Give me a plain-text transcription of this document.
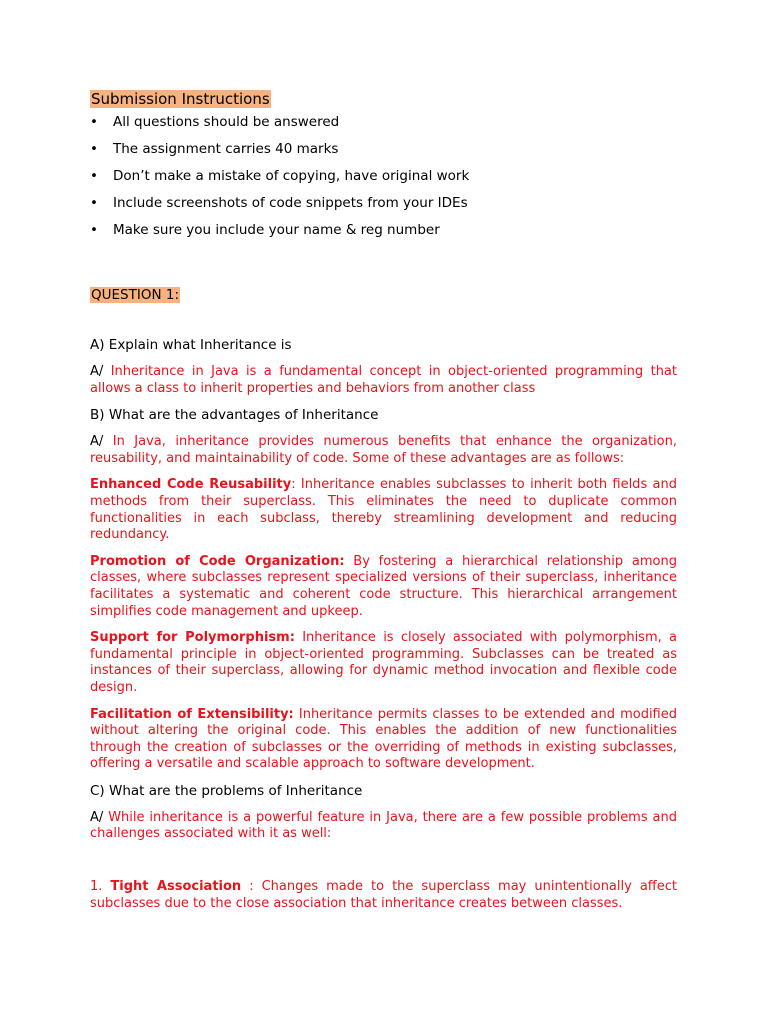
Submission Instructions

• All questions should be answered
• The assignment carries 40 marks
• Don’t make a mistake of copying, have original work
• Include screenshots of code snippets from your IDEs
• Make sure you include your name & reg number

QUESTION 1:

A) Explain what Inheritance is

A/ Inheritance in Java is a fundamental concept in object-oriented programming that allows a class to inherit properties and behaviors from another class

B) What are the advantages of Inheritance

A/ In Java, inheritance provides numerous benefits that enhance the organization, reusability, and maintainability of code. Some of these advantages are as follows:

Enhanced Code Reusability: Inheritance enables subclasses to inherit both fields and methods from their superclass. This eliminates the need to duplicate common functionalities in each subclass, thereby streamlining development and reducing redundancy.

Promotion of Code Organization: By fostering a hierarchical relationship among classes, where subclasses represent specialized versions of their superclass, inheritance facilitates a systematic and coherent code structure. This hierarchical arrangement simplifies code management and upkeep.

Support for Polymorphism: Inheritance is closely associated with polymorphism, a fundamental principle in object-oriented programming. Subclasses can be treated as instances of their superclass, allowing for dynamic method invocation and flexible code design.

Facilitation of Extensibility: Inheritance permits classes to be extended and modified without altering the original code. This enables the addition of new functionalities through the creation of subclasses or the overriding of methods in existing subclasses, offering a versatile and scalable approach to software development.

C) What are the problems of Inheritance

A/ While inheritance is a powerful feature in Java, there are a few possible problems and challenges associated with it as well:

1. Tight Association : Changes made to the superclass may unintentionally affect subclasses due to the close association that inheritance creates between classes.
